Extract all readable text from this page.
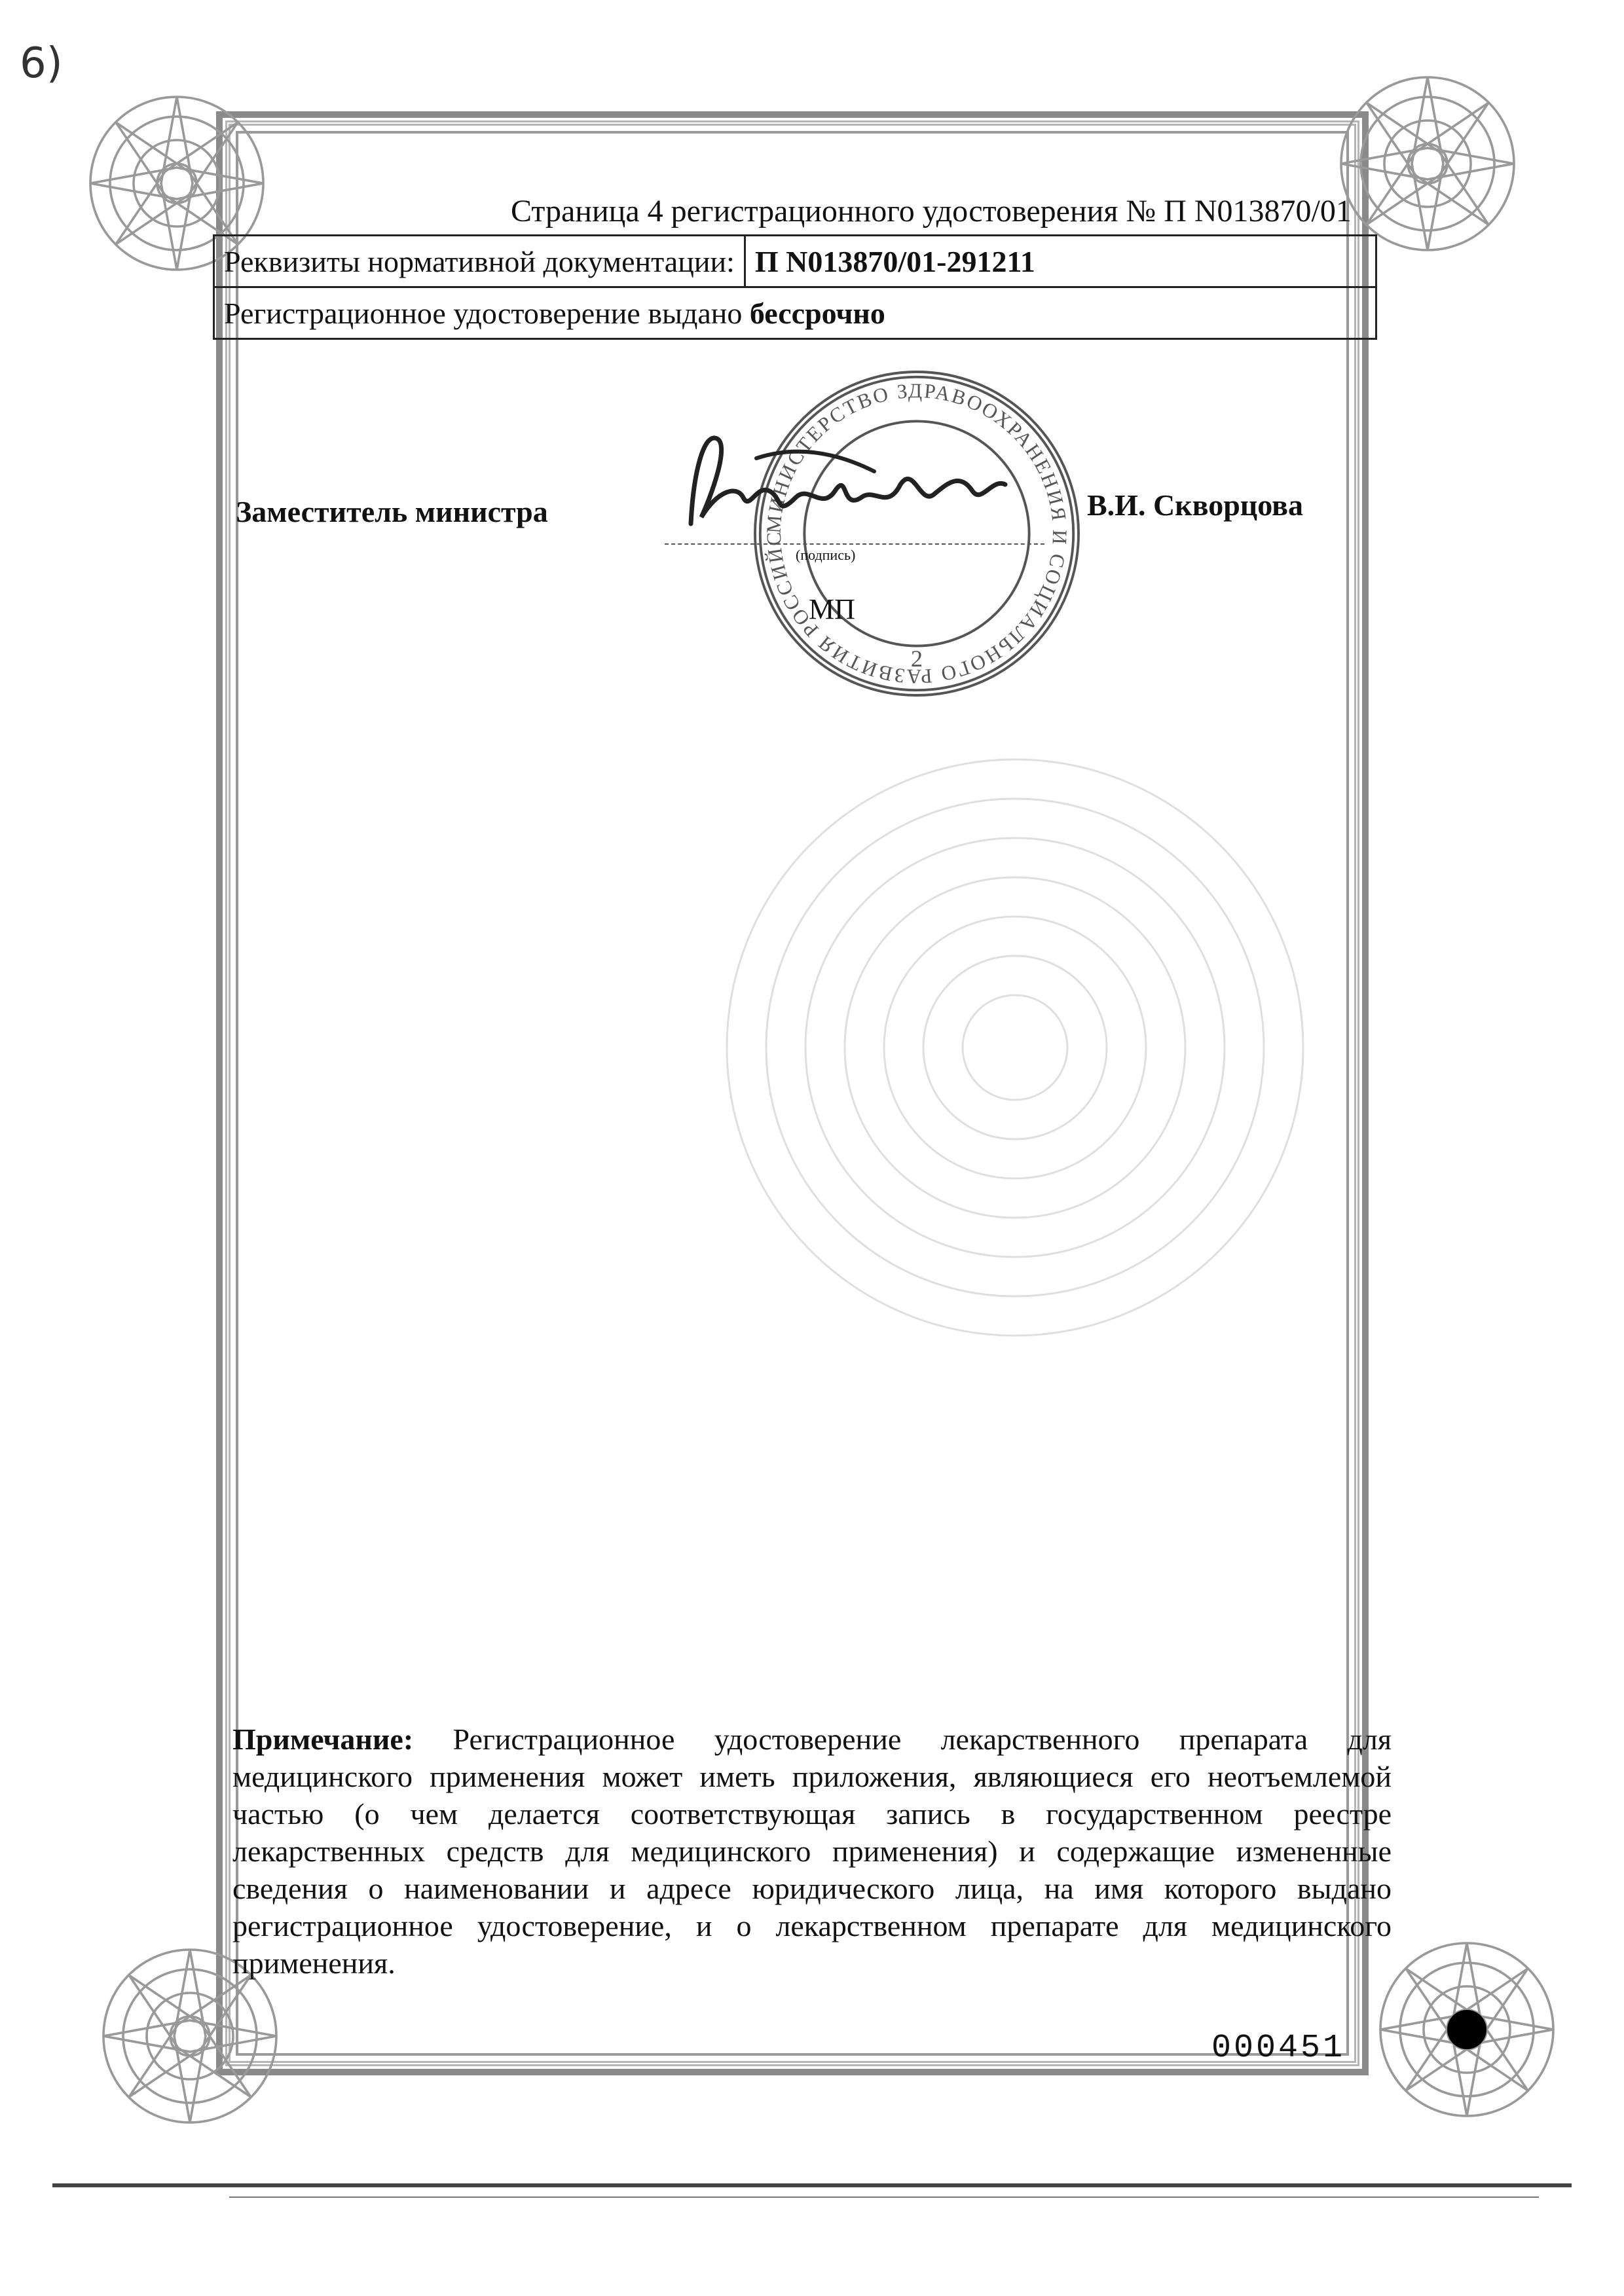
6)
Страница 4 регистрационного удостоверения № П N013870/01
Реквизиты нормативной документации:	П N013870/01-291211
Регистрационное удостоверение выдано бессрочно
МИНИСТЕРСТВО ЗДРАВООХРАНЕНИЯ И СОЦИАЛЬНОГО РАЗВИТИЯ РОССИЙС
2
Заместитель министра	В.И. Скворцова
(подпись)
МП
Примечание: Регистрационное удостоверение лекарственного препарата для медицинского применения может иметь приложения, являющиеся его неотъемлемой частью (о чем делается соответствующая запись в государственном реестре лекарственных средств для медицинского применения) и содержащие измененные сведения о наименовании и адресе юридического лица, на имя которого выдано регистрационное удостоверение, и о лекарственном препарате для медицинского применения.
000451
